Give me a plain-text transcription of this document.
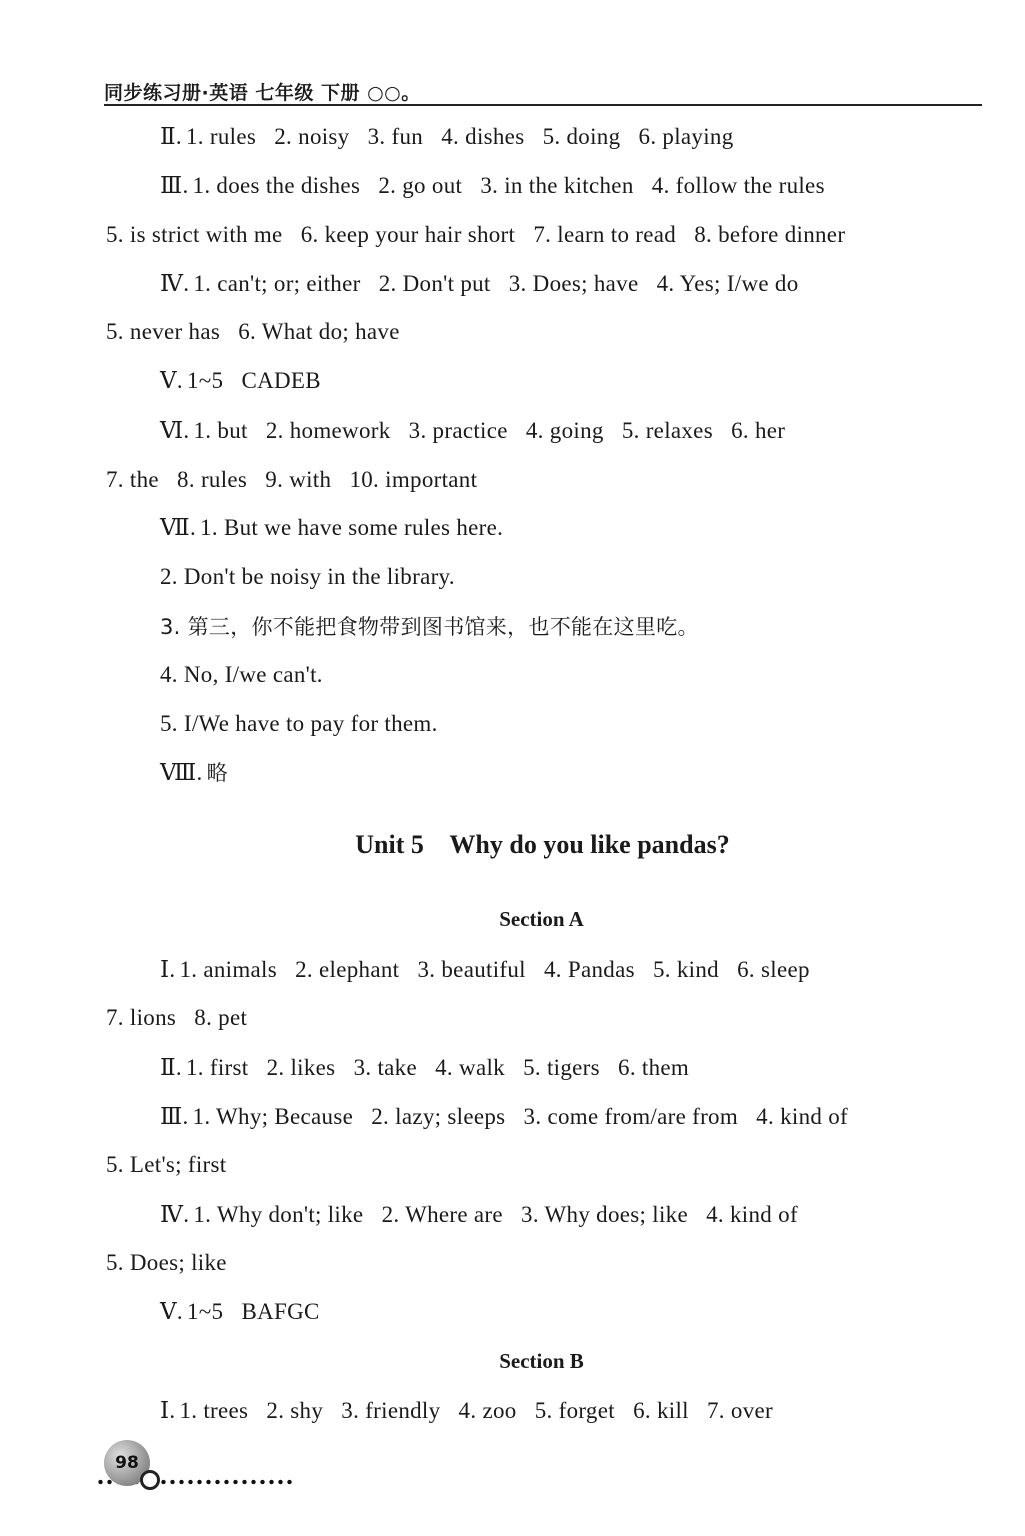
同步练习册·英语 七年级 下册 ○○。
Ⅱ. 1. rules   2. noisy   3. fun   4. dishes   5. doing   6. playing
Ⅲ. 1. does the dishes   2. go out   3. in the kitchen   4. follow the rules
5. is strict with me   6. keep your hair short   7. learn to read   8. before dinner
Ⅳ. 1. can't; or; either   2. Don't put   3. Does; have   4. Yes; I/we do
5. never has   6. What do; have
Ⅴ. 1~5   CADEB
Ⅵ. 1. but   2. homework   3. practice   4. going   5. relaxes   6. her
7. the   8. rules   9. with   10. important
Ⅶ. 1. But we have some rules here.
2. Don't be noisy in the library.
3. 第三，你不能把食物带到图书馆来，也不能在这里吃。
4. No, I/we can't.
5. I/We have to pay for them.
Ⅷ. 略
Unit 5    Why do you like pandas?
Section A
Ⅰ. 1. animals   2. elephant   3. beautiful   4. Pandas   5. kind   6. sleep
7. lions   8. pet
Ⅱ. 1. first   2. likes   3. take   4. walk   5. tigers   6. them
Ⅲ. 1. Why; Because   2. lazy; sleeps   3. come from/are from   4. kind of
5. Let's; first
Ⅳ. 1. Why don't; like   2. Where are   3. Why does; like   4. kind of
5. Does; like
Ⅴ. 1~5   BAFGC
Section B
Ⅰ. 1. trees   2. shy   3. friendly   4. zoo   5. forget   6. kill   7. over
98
